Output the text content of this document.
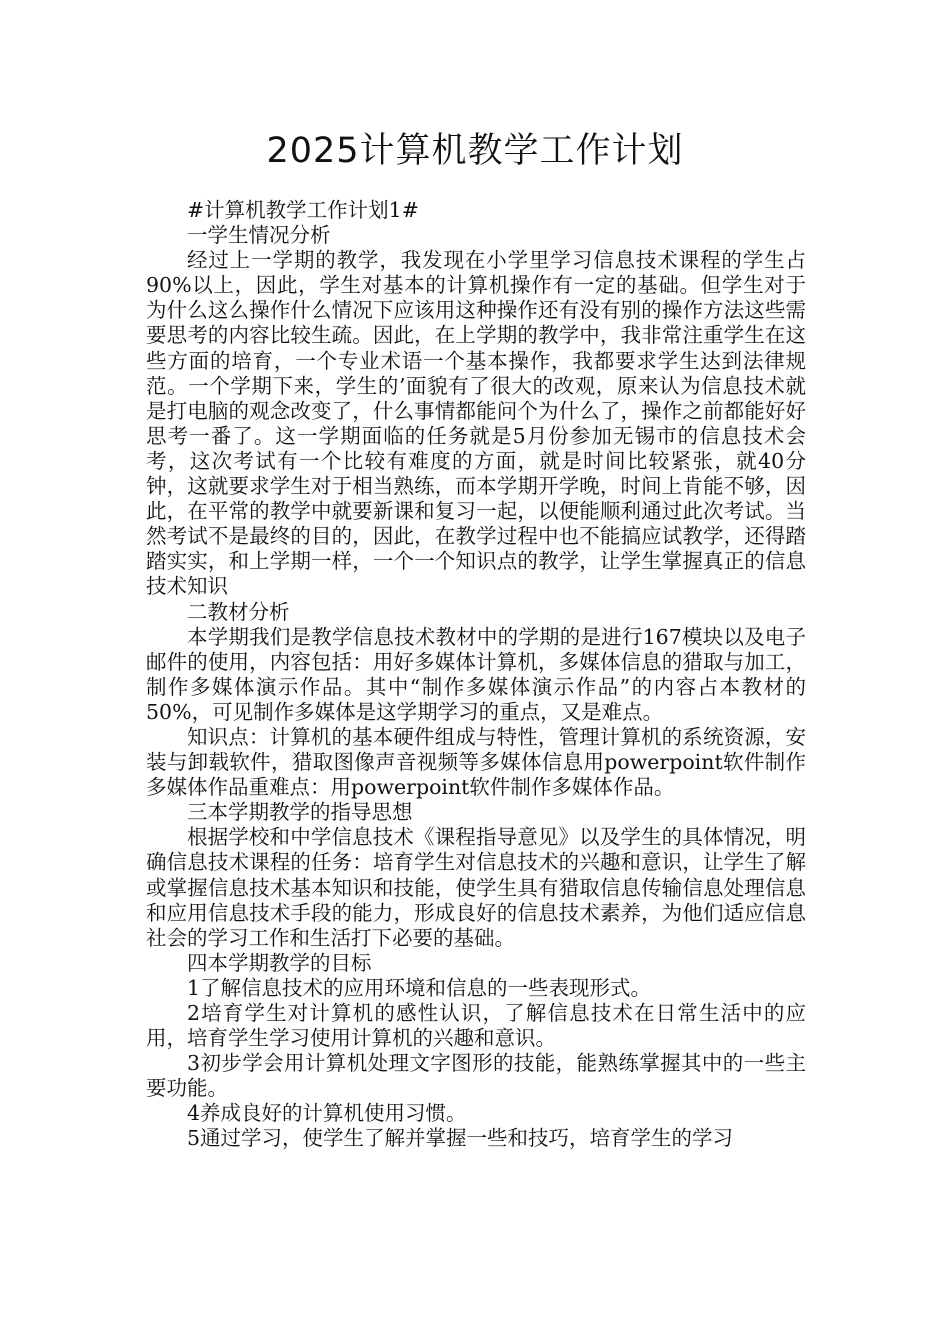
2025计算机教学工作计划

#计算机教学工作计划1#

一学生情况分析

经过上一学期的教学，我发现在小学里学习信息技术课程的学生占90%以上，因此，学生对基本的计算机操作有一定的基础。但学生对于为什么这么操作什么情况下应该用这种操作还有没有别的操作方法这些需要思考的内容比较生疏。因此，在上学期的教学中，我非常注重学生在这些方面的培育，一个专业术语一个基本操作，我都要求学生达到法律规范。一个学期下来，学生的’面貌有了很大的改观，原来认为信息技术就是打电脑的观念改变了，什么事情都能问个为什么了，操作之前都能好好思考一番了。这一学期面临的任务就是5月份参加无锡市的信息技术会考，这次考试有一个比较有难度的方面，就是时间比较紧张，就40分钟，这就要求学生对于相当熟练，而本学期开学晚，时间上肯能不够，因此，在平常的教学中就要新课和复习一起，以便能顺利通过此次考试。当然考试不是最终的目的，因此，在教学过程中也不能搞应试教学，还得踏踏实实，和上学期一样，一个一个知识点的教学，让学生掌握真正的信息技术知识

二教材分析

本学期我们是教学信息技术教材中的学期的是进行167模块以及电子邮件的使用，内容包括：用好多媒体计算机，多媒体信息的猎取与加工，制作多媒体演示作品。其中“制作多媒体演示作品”的内容占本教材的50%，可见制作多媒体是这学期学习的重点，又是难点。

知识点：计算机的基本硬件组成与特性，管理计算机的系统资源，安装与卸载软件，猎取图像声音视频等多媒体信息用powerpoint软件制作多媒体作品重难点：用powerpoint软件制作多媒体作品。

三本学期教学的指导思想

根据学校和中学信息技术《课程指导意见》以及学生的具体情况，明确信息技术课程的任务：培育学生对信息技术的兴趣和意识，让学生了解或掌握信息技术基本知识和技能，使学生具有猎取信息传输信息处理信息和应用信息技术手段的能力，形成良好的信息技术素养，为他们适应信息社会的学习工作和生活打下必要的基础。

四本学期教学的目标

1了解信息技术的应用环境和信息的一些表现形式。

2培育学生对计算机的感性认识，了解信息技术在日常生活中的应用，培育学生学习使用计算机的兴趣和意识。

3初步学会用计算机处理文字图形的技能，能熟练掌握其中的一些主要功能。

4养成良好的计算机使用习惯。

5通过学习，使学生了解并掌握一些和技巧，培育学生的学习
